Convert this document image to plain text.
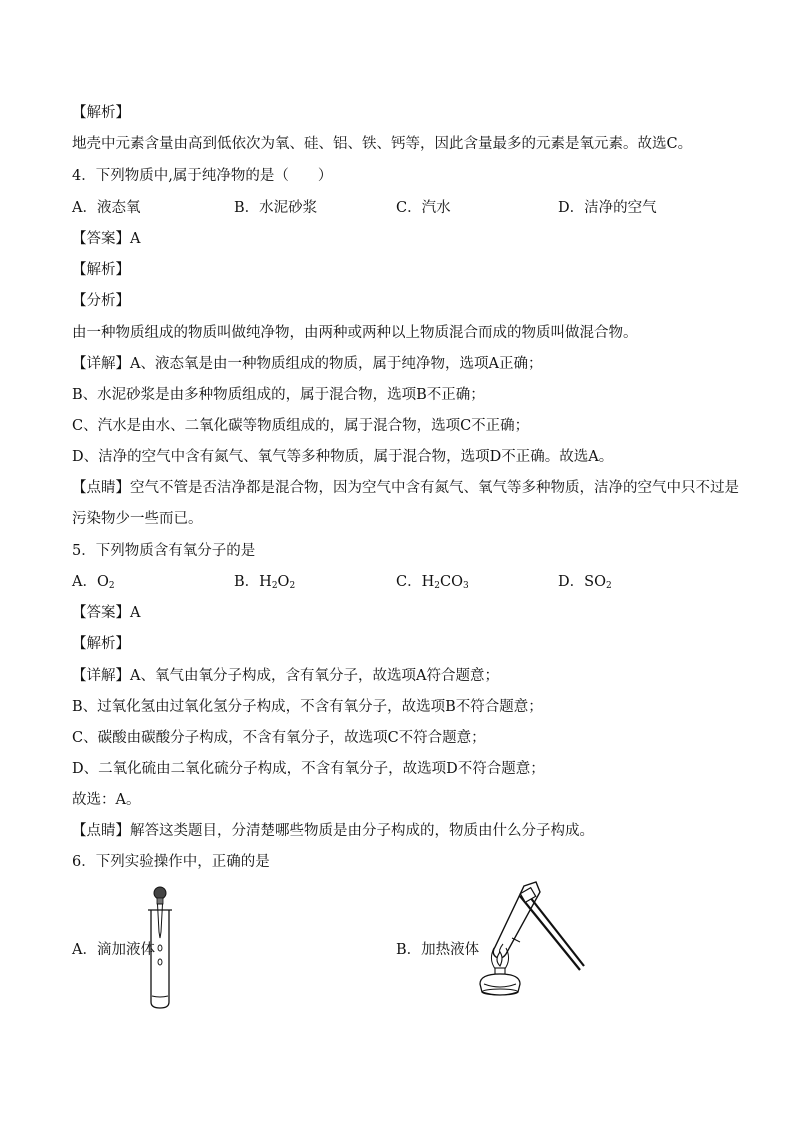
【解析】
地壳中元素含量由高到低依次为氧、硅、铝、铁、钙等，因此含量最多的元素是氧元素。故选C。
4．下列物质中,属于纯净物的是（　　）
A．液态氧	B．水泥砂浆	C．汽水	D．洁净的空气
【答案】A
【解析】
【分析】
由一种物质组成的物质叫做纯净物，由两种或两种以上物质混合而成的物质叫做混合物。
【详解】A、液态氧是由一种物质组成的物质，属于纯净物，选项A正确；
B、水泥砂浆是由多种物质组成的，属于混合物，选项B不正确；
C、汽水是由水、二氧化碳等物质组成的，属于混合物，选项C不正确；
D、洁净的空气中含有氮气、氧气等多种物质，属于混合物，选项D不正确。故选A。
【点睛】空气不管是否洁净都是混合物，因为空气中含有氮气、氧气等多种物质，洁净的空气中只不过是
污染物少一些而已。
5．下列物质含有氧分子的是
A．$O_2$	B．$H_2O_2$	C．$H_2CO_3$	D．$SO_2$
【答案】A
【解析】
【详解】A、氧气由氧分子构成，含有氧分子，故选项A符合题意；
B、过氧化氢由过氧化氢分子构成，不含有氧分子，故选项B不符合题意；
C、碳酸由碳酸分子构成，不含有氧分子，故选项C不符合题意；
D、二氧化硫由二氧化硫分子构成，不含有氧分子，故选项D不符合题意；
故选：A。
【点睛】解答这类题目，分清楚哪些物质是由分子构成的，物质由什么分子构成。
6．下列实验操作中，正确的是
A．滴加液体	B．加热液体
